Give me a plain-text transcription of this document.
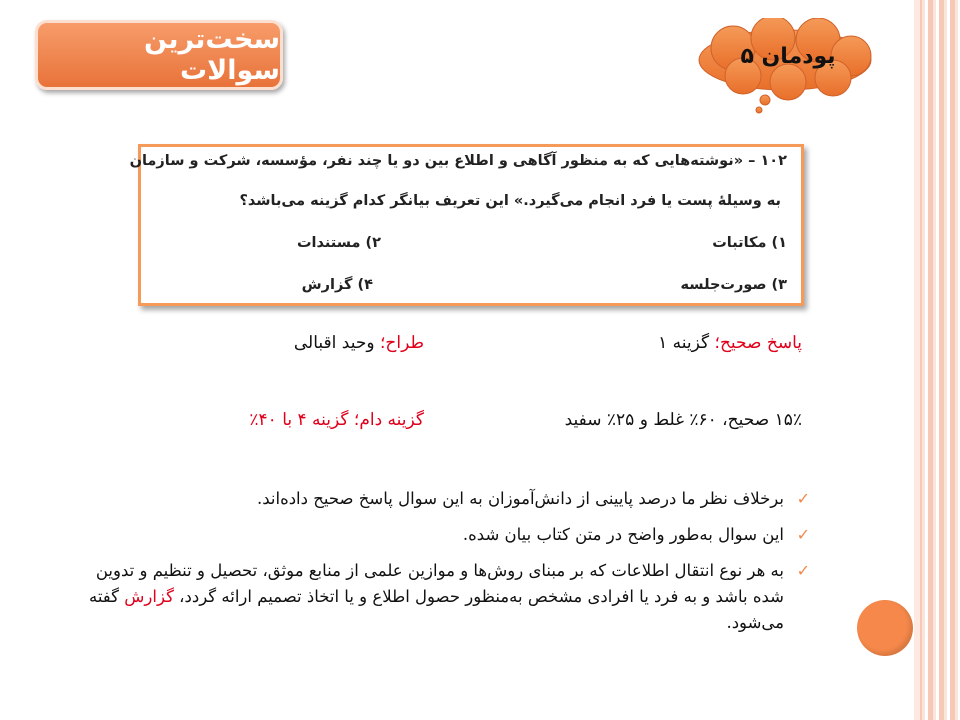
سخت‌ترین سوالات	پودمان ۵
۱۰۲ – «نوشته‌هایی که به منظور آگاهی و اطلاع بین دو یا چند نفر، مؤسسه، شرکت و سازمان
به وسیلهٔ پست یا فرد انجام می‌گیرد.» این تعریف بیانگر کدام گزینه می‌باشد؟
۱) مکاتبات
۲) مستندات
۳) صورت‌جلسه
۴) گزارش
پاسخ صحیح؛ گزینه ۱
طراح؛ وحید اقبالی
۱۵٪ صحیح، ۶۰٪ غلط و ۲۵٪ سفید
گزینه دام؛ گزینه ۴ با ۴۰٪
✓
برخلاف نظر ما درصد پایینی از دانش‌آموزان به این سوال پاسخ صحیح داده‌اند.
✓
این سوال به‌طور واضح در متن کتاب بیان شده.
✓
به هر نوع انتقال اطلاعات که بر مبنای روش‌ها و موازین علمی از منابع موثق، تحصیل و تنظیم و تدوین شده باشد و به فرد یا افرادی مشخص به‌منظور حصول اطلاع و یا اتخاذ تصمیم ارائه گردد، گزارش گفته می‌شود.
